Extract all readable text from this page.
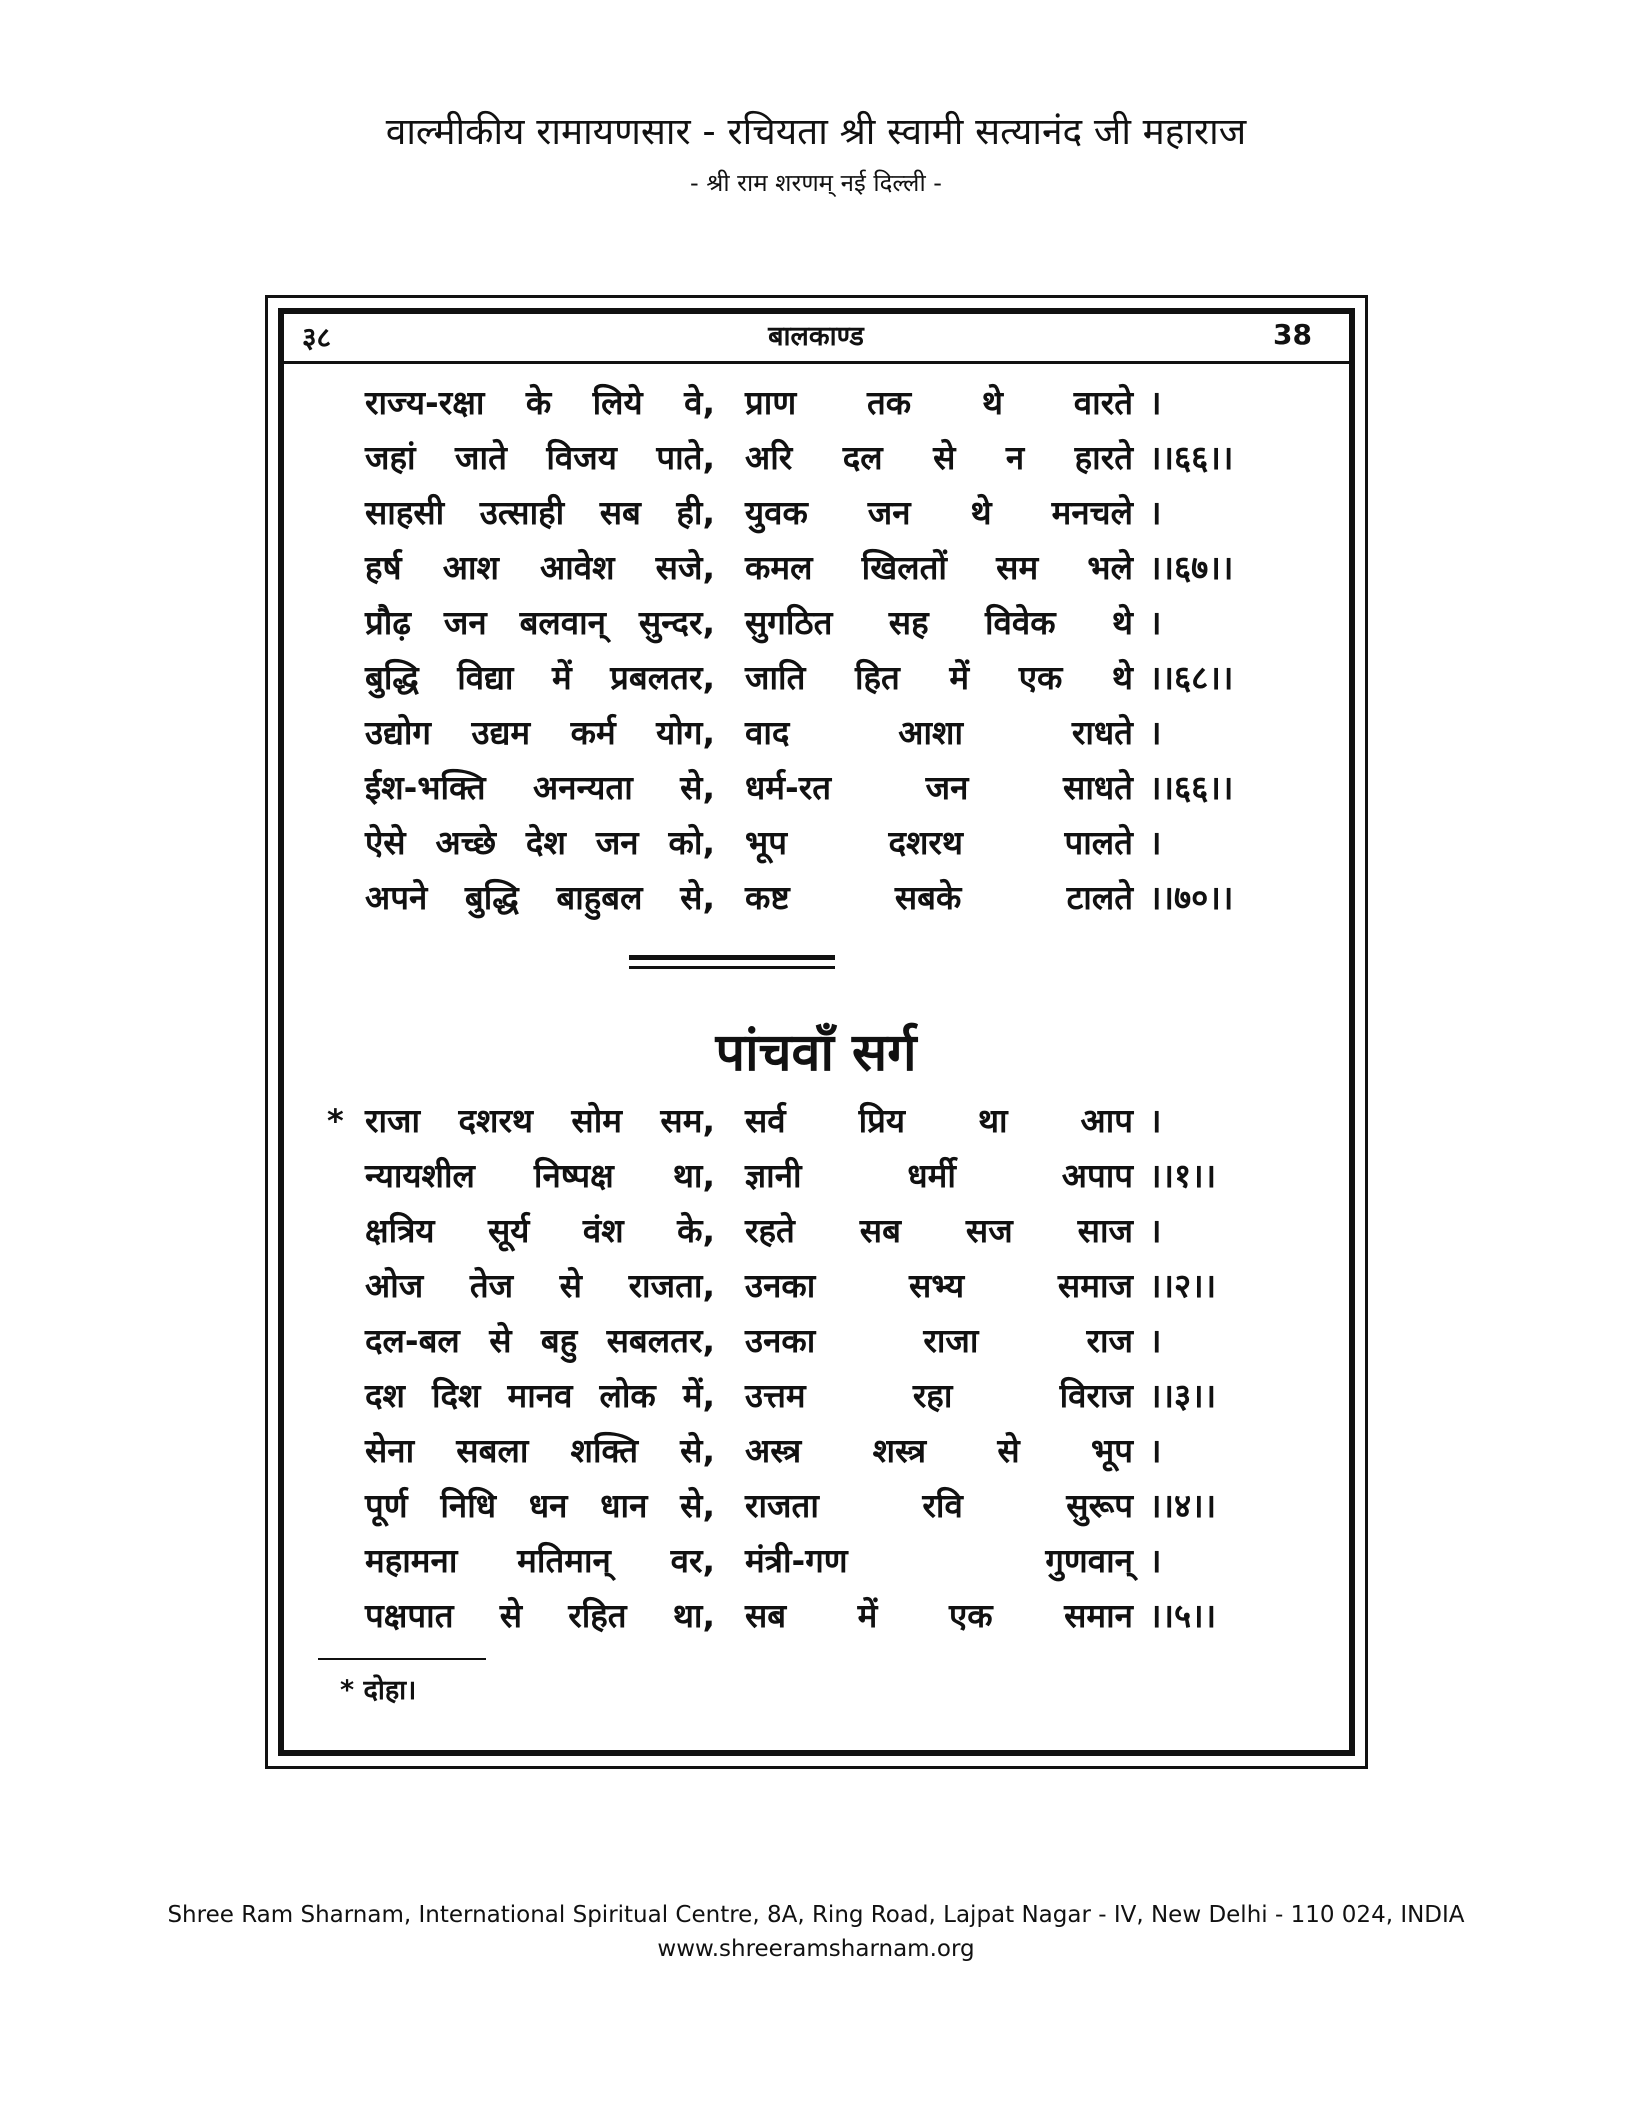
वाल्मीकीय रामायणसार - रचियता श्री स्वामी सत्यानंद जी महाराज
- श्री राम शरणम् नई दिल्ली -
३८	बालकाण्ड	38
राज्य-रक्षा के लिये वे, प्राण तक थे वारते ।
जहां जाते विजय पाते, अरि दल से न हारते ।।६६।।
साहसी उत्साही सब ही, युवक जन थे मनचले ।
हर्ष आश आवेश सजे, कमल खिलतों सम भले ।।६७।।
प्रौढ़ जन बलवान् सुन्दर, सुगठित सह विवेक थे ।
बुद्धि विद्या में प्रबलतर, जाति हित में एक थे ।।६८।।
उद्योग उद्यम कर्म योग, वाद आशा राधते ।
ईश-भक्ति अनन्यता से, धर्म-रत जन साधते ।।६६।।
ऐसे अच्छे देश जन को, भूप दशरथ पालते ।
अपने बुद्धि बाहुबल से, कष्ट सबके टालते ।।७०।।
पांचवाँ सर्ग
* राजा दशरथ सोम सम, सर्व प्रिय था आप ।
न्यायशील निष्पक्ष था, ज्ञानी धर्मी अपाप ।।१।।
क्षत्रिय सूर्य वंश के, रहते सब सज साज ।
ओज तेज से राजता, उनका सभ्य समाज ।।२।।
दल-बल से बहु सबलतर, उनका राजा राज ।
दश दिश मानव लोक में, उत्तम रहा विराज ।।३।।
सेना सबला शक्ति से, अस्त्र शस्त्र से भूप ।
पूर्ण निधि धन धान से, राजता रवि सुरूप ।।४।।
महामना मतिमान् वर, मंत्री-गण गुणवान् ।
पक्षपात से रहित था, सब में एक समान ।।५।।
* दोहा।
Shree Ram Sharnam, International Spiritual Centre, 8A, Ring Road, Lajpat Nagar - IV, New Delhi - 110 024, INDIA
www.shreeramsharnam.org
